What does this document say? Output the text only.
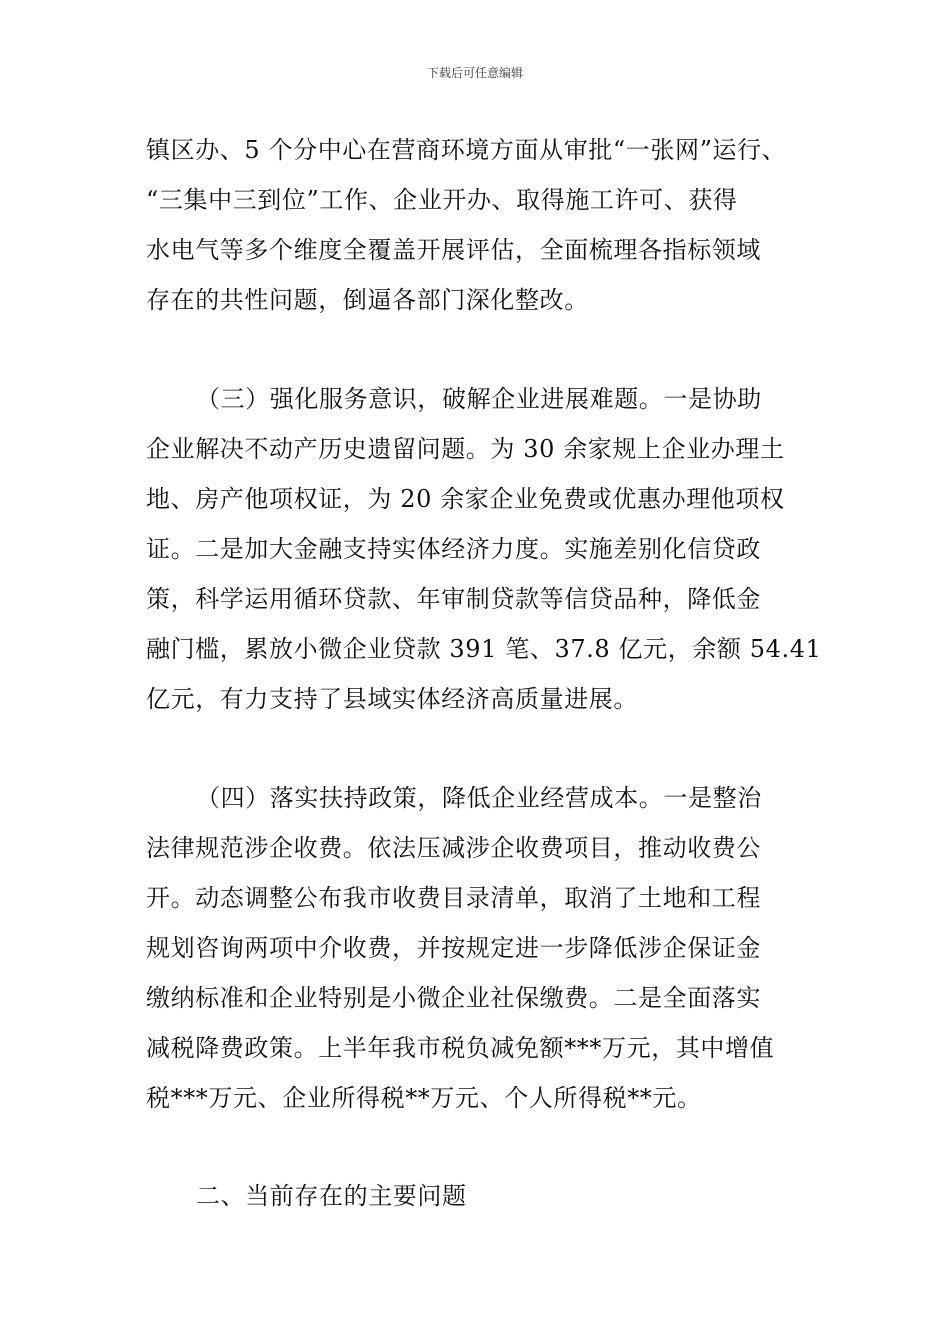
下载后可任意编辑
镇区办、5 个分中心在营商环境方面从审批“一张网”运行、
“三集中三到位”工作、企业开办、取得施工许可、获得
水电气等多个维度全覆盖开展评估，全面梳理各指标领域
存在的共性问题，倒逼各部门深化整改。
（三）强化服务意识，破解企业进展难题。一是协助
企业解决不动产历史遗留问题。为 30 余家规上企业办理土
地、房产他项权证，为 20 余家企业免费或优惠办理他项权
证。二是加大金融支持实体经济力度。实施差别化信贷政
策，科学运用循环贷款、年审制贷款等信贷品种，降低金
融门槛，累放小微企业贷款 391 笔、37.8 亿元，余额 54.41
亿元，有力支持了县域实体经济高质量进展。
（四）落实扶持政策，降低企业经营成本。一是整治
法律规范涉企收费。依法压减涉企收费项目，推动收费公
开。动态调整公布我市收费目录清单，取消了土地和工程
规划咨询两项中介收费，并按规定进一步降低涉企保证金
缴纳标准和企业特别是小微企业社保缴费。二是全面落实
减税降费政策。上半年我市税负减免额***万元，其中增值
税***万元、企业所得税**万元、个人所得税**元。
二、当前存在的主要问题
